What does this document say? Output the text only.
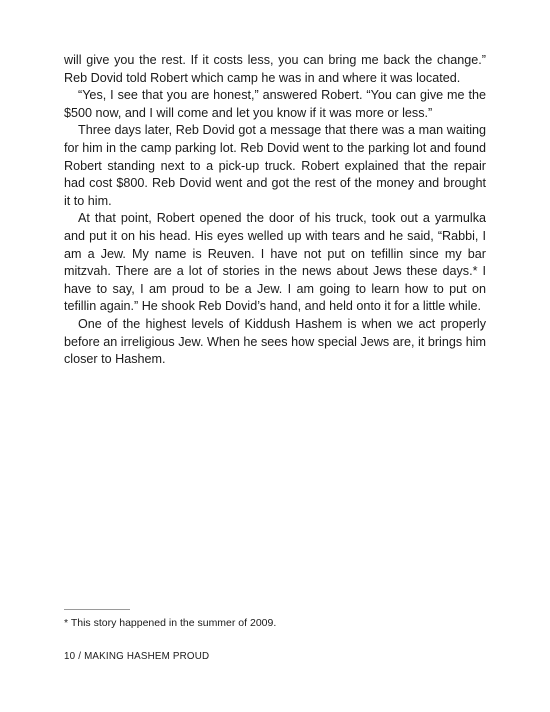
will give you the rest. If it costs less, you can bring me back the change.” Reb Dovid told Robert which camp he was in and where it was located.

“Yes, I see that you are honest,” answered Robert. “You can give me the $500 now, and I will come and let you know if it was more or less.”

Three days later, Reb Dovid got a message that there was a man waiting for him in the camp parking lot. Reb Dovid went to the parking lot and found Robert standing next to a pick-up truck. Robert explained that the repair had cost $800. Reb Dovid went and got the rest of the money and brought it to him.

At that point, Robert opened the door of his truck, took out a yarmulka and put it on his head. His eyes welled up with tears and he said, “Rabbi, I am a Jew. My name is Reuven. I have not put on tefillin since my bar mitzvah. There are a lot of stories in the news about Jews these days.* I have to say, I am proud to be a Jew. I am going to learn how to put on tefillin again.” He shook Reb Dovid’s hand, and held onto it for a little while.

One of the highest levels of Kiddush Hashem is when we act properly before an irreligious Jew. When he sees how special Jews are, it brings him closer to Hashem.

* This story happened in the summer of 2009.

10 / MAKING HASHEM PROUD
